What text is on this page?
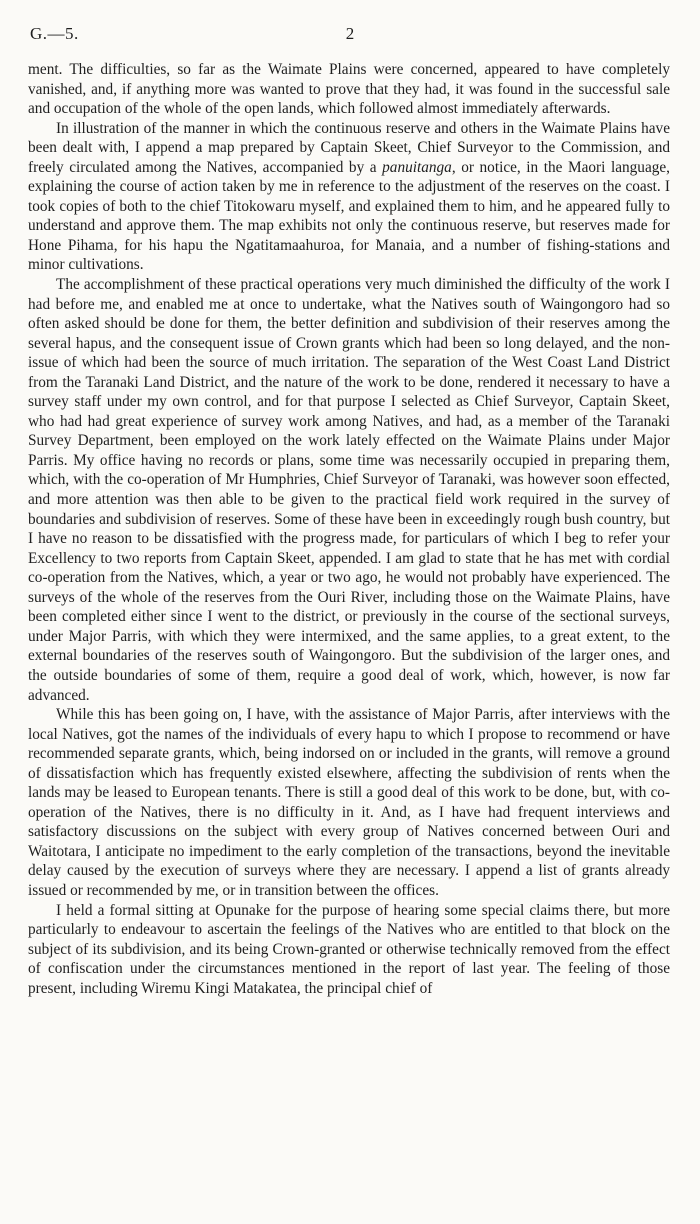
G.—5.	2

ment. The difficulties, so far as the Waimate Plains were concerned, appeared to have completely vanished, and, if anything more was wanted to prove that they had, it was found in the successful sale and occupation of the whole of the open lands, which followed almost immediately afterwards.

In illustration of the manner in which the continuous reserve and others in the Waimate Plains have been dealt with, I append a map prepared by Captain Skeet, Chief Surveyor to the Commission, and freely circulated among the Natives, accompanied by a panuitanga, or notice, in the Maori language, explaining the course of action taken by me in reference to the adjustment of the reserves on the coast. I took copies of both to the chief Titokowaru myself, and explained them to him, and he appeared fully to understand and approve them. The map exhibits not only the continuous reserve, but reserves made for Hone Pihama, for his hapu the Ngatitamaahuroa, for Manaia, and a number of fishing-stations and minor cultivations.

The accomplishment of these practical operations very much diminished the difficulty of the work I had before me, and enabled me at once to undertake, what the Natives south of Waingongoro had so often asked should be done for them, the better definition and subdivision of their reserves among the several hapus, and the consequent issue of Crown grants which had been so long delayed, and the non-issue of which had been the source of much irritation. The separation of the West Coast Land District from the Taranaki Land District, and the nature of the work to be done, rendered it necessary to have a survey staff under my own control, and for that purpose I selected as Chief Surveyor, Captain Skeet, who had had great experience of survey work among Natives, and had, as a member of the Taranaki Survey Department, been employed on the work lately effected on the Waimate Plains under Major Parris. My office having no records or plans, some time was necessarily occupied in preparing them, which, with the co-operation of Mr Humphries, Chief Surveyor of Taranaki, was however soon effected, and more attention was then able to be given to the practical field work required in the survey of boundaries and subdivision of reserves. Some of these have been in exceedingly rough bush country, but I have no reason to be dissatisfied with the progress made, for particulars of which I beg to refer your Excellency to two reports from Captain Skeet, appended. I am glad to state that he has met with cordial co-operation from the Natives, which, a year or two ago, he would not probably have experienced. The surveys of the whole of the reserves from the Ouri River, including those on the Waimate Plains, have been completed either since I went to the district, or previously in the course of the sectional surveys, under Major Parris, with which they were intermixed, and the same applies, to a great extent, to the external boundaries of the reserves south of Waingongoro. But the subdivision of the larger ones, and the outside boundaries of some of them, require a good deal of work, which, however, is now far advanced.

While this has been going on, I have, with the assistance of Major Parris, after interviews with the local Natives, got the names of the individuals of every hapu to which I propose to recommend or have recommended separate grants, which, being indorsed on or included in the grants, will remove a ground of dissatisfaction which has frequently existed elsewhere, affecting the subdivision of rents when the lands may be leased to European tenants. There is still a good deal of this work to be done, but, with co-operation of the Natives, there is no difficulty in it. And, as I have had frequent interviews and satisfactory discussions on the subject with every group of Natives concerned between Ouri and Waitotara, I anticipate no impediment to the early completion of the transactions, beyond the inevitable delay caused by the execution of surveys where they are necessary. I append a list of grants already issued or recommended by me, or in transition between the offices.

I held a formal sitting at Opunake for the purpose of hearing some special claims there, but more particularly to endeavour to ascertain the feelings of the Natives who are entitled to that block on the subject of its subdivision, and its being Crown-granted or otherwise technically removed from the effect of confiscation under the circumstances mentioned in the report of last year. The feeling of those present, including Wiremu Kingi Matakatea, the principal chief of
